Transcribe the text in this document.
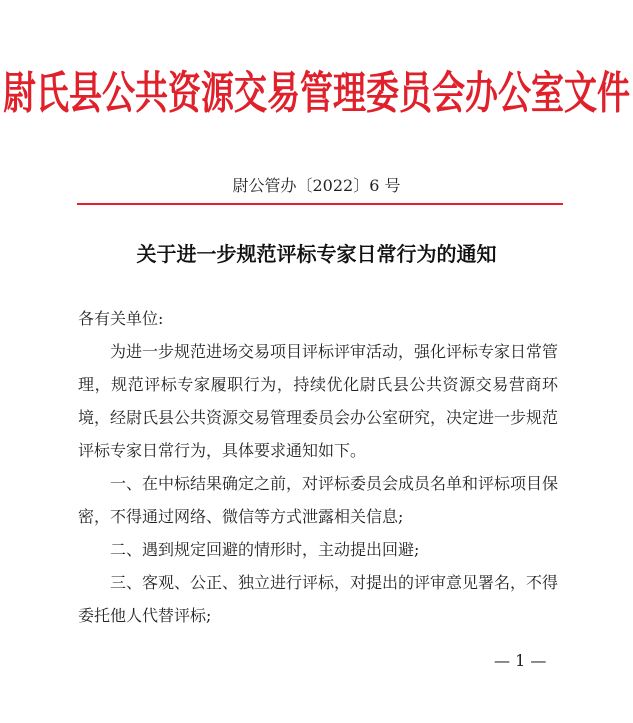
尉氏县公共资源交易管理委员会办公室文件
尉公管办〔2022〕6 号
关于进一步规范评标专家日常行为的通知

各有关单位:

为进一步规范进场交易项目评标评审活动，强化评标专家日常管理，规范评标专家履职行为，持续优化尉氏县公共资源交易营商环境，经尉氏县公共资源交易管理委员会办公室研究，决定进一步规范评标专家日常行为，具体要求通知如下。

一、在中标结果确定之前，对评标委员会成员名单和评标项目保密，不得通过网络、微信等方式泄露相关信息;

二、遇到规定回避的情形时，主动提出回避;

三、客观、公正、独立进行评标，对提出的评审意见署名，不得委托他人代替评标;

— 1 —
